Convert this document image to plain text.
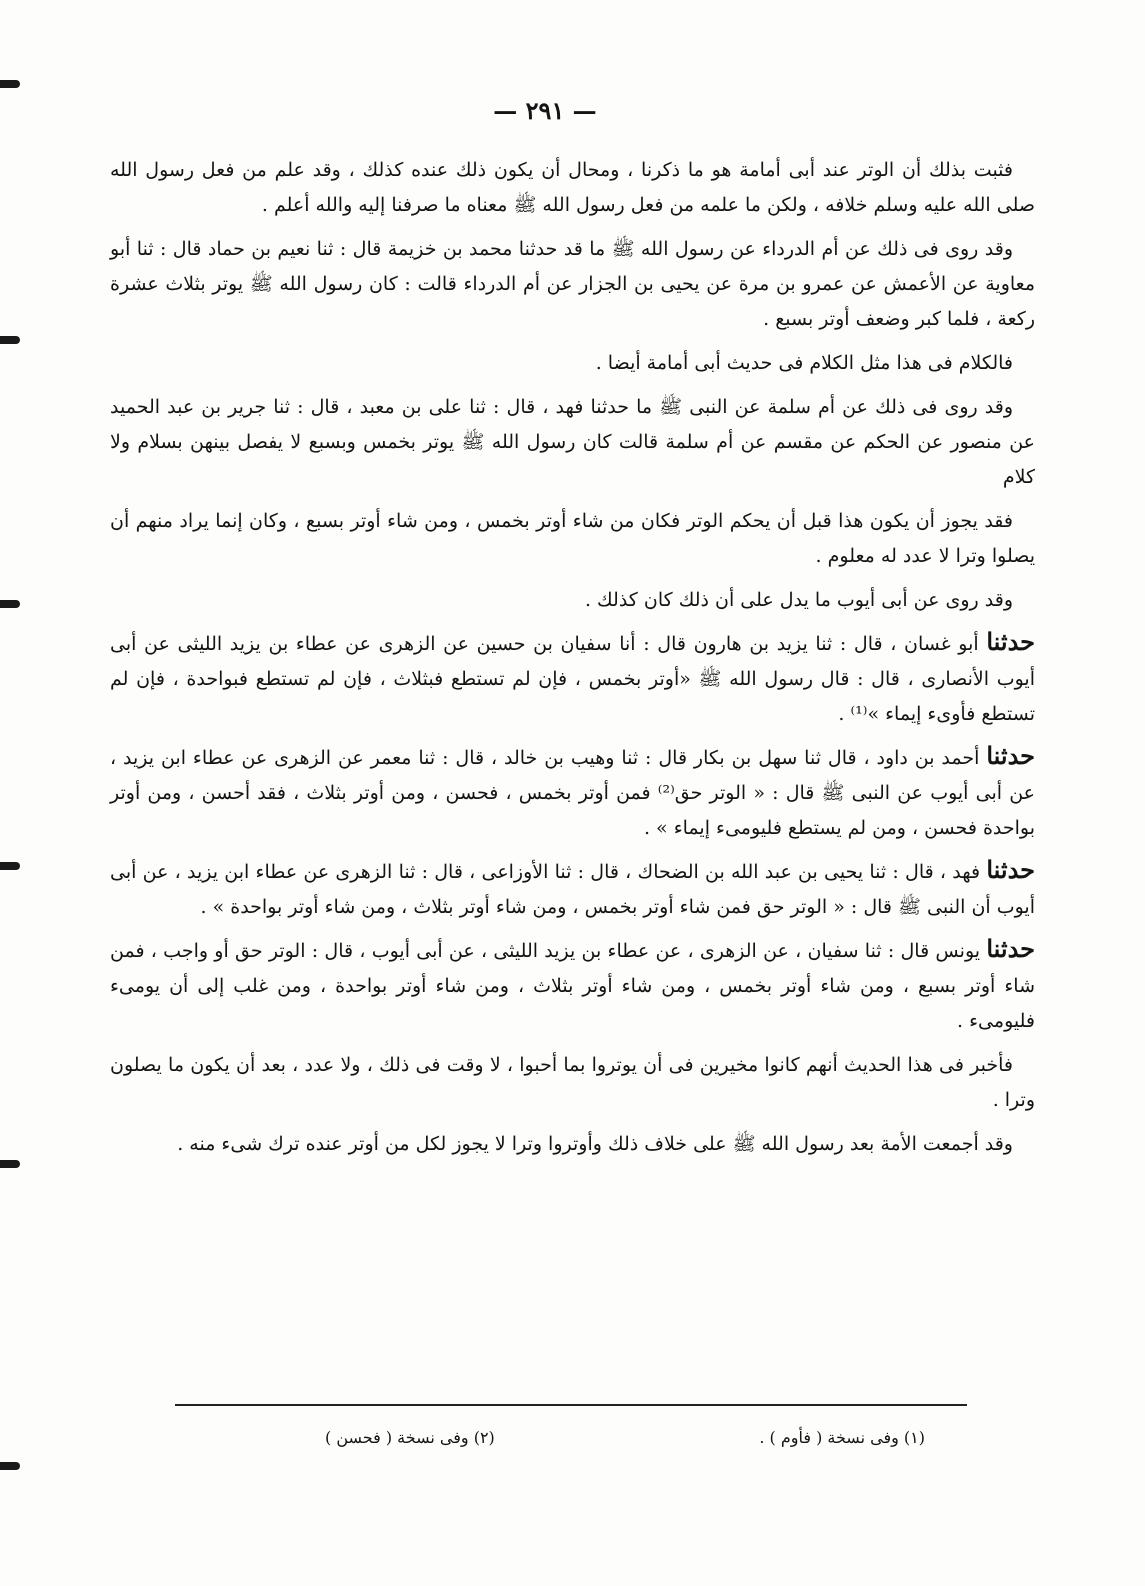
— ٢٩١ —

فثبت بذلك أن الوتر عند أبى أمامة هو ما ذكرنا ، ومحال أن يكون ذلك عنده كذلك ، وقد علم من فعل رسول الله صلى الله عليه وسلم خلافه ، ولكن ما علمه من فعل رسول الله ﷺ معناه ما صرفنا إليه والله أعلم .

وقد روى فى ذلك عن أم الدرداء عن رسول الله ﷺ ما قد حدثنا محمد بن خزيمة قال : ثنا نعيم بن حماد قال : ثنا أبو معاوية عن الأعمش عن عمرو بن مرة عن يحيى بن الجزار عن أم الدرداء قالت : كان رسول الله ﷺ يوتر بثلاث عشرة ركعة ، فلما كبر وضعف أوتر بسبع .

فالكلام فى هذا مثل الكلام فى حديث أبى أمامة أيضا .

وقد روى فى ذلك عن أم سلمة عن النبى ﷺ ما حدثنا فهد ، قال : ثنا على بن معبد ، قال : ثنا جرير بن عبد الحميد عن منصور عن الحكم عن مقسم عن أم سلمة قالت كان رسول الله ﷺ يوتر بخمس وبسبع لا يفصل بينهن بسلام ولا كلام

فقد يجوز أن يكون هذا قبل أن يحكم الوتر فكان من شاء أوتر بخمس ، ومن شاء أوتر بسبع ، وكان إنما يراد منهم أن يصلوا وترا لا عدد له معلوم .

وقد روى عن أبى أيوب ما يدل على أن ذلك كان كذلك .

حدثنا أبو غسان ، قال : ثنا يزيد بن هارون قال : أنا سفيان بن حسين عن الزهرى عن عطاء بن يزيد الليثى عن أبى أيوب الأنصارى ، قال : قال رسول الله ﷺ «أوتر بخمس ، فإن لم تستطع فبثلاث ، فإن لم تستطع فبواحدة ، فإن لم تستطع فأوىء إيماء »⁽¹⁾ .

حدثنا أحمد بن داود ، قال ثنا سهل بن بكار قال : ثنا وهيب بن خالد ، قال : ثنا معمر عن الزهرى عن عطاء ابن يزيد ، عن أبى أيوب عن النبى ﷺ قال : « الوتر حق⁽²⁾ فمن أوتر بخمس ، فحسن ، ومن أوتر بثلاث ، فقد أحسن ، ومن أوتر بواحدة فحسن ، ومن لم يستطع فليومىء إيماء » .

حدثنا فهد ، قال : ثنا يحيى بن عبد الله بن الضحاك ، قال : ثنا الأوزاعى ، قال : ثنا الزهرى عن عطاء ابن يزيد ، عن أبى أيوب أن النبى ﷺ قال : « الوتر حق فمن شاء أوتر بخمس ، ومن شاء أوتر بثلاث ، ومن شاء أوتر بواحدة » .

حدثنا يونس قال : ثنا سفيان ، عن الزهرى ، عن عطاء بن يزيد الليثى ، عن أبى أيوب ، قال : الوتر حق أو واجب ، فمن شاء أوتر بسبع ، ومن شاء أوتر بخمس ، ومن شاء أوتر بثلاث ، ومن شاء أوتر بواحدة ، ومن غلب إلى أن يومىء فليومىء .

فأخبر فى هذا الحديث أنهم كانوا مخيرين فى أن يوتروا بما أحبوا ، لا وقت فى ذلك ، ولا عدد ، بعد أن يكون ما يصلون وترا .

وقد أجمعت الأمة بعد رسول الله ﷺ على خلاف ذلك وأوتروا وترا لا يجوز لكل من أوتر عنده ترك شىء منه .

(١) وفى نسخة ( فأوم ) .
(٢) وفى نسخة ( فحسن )
